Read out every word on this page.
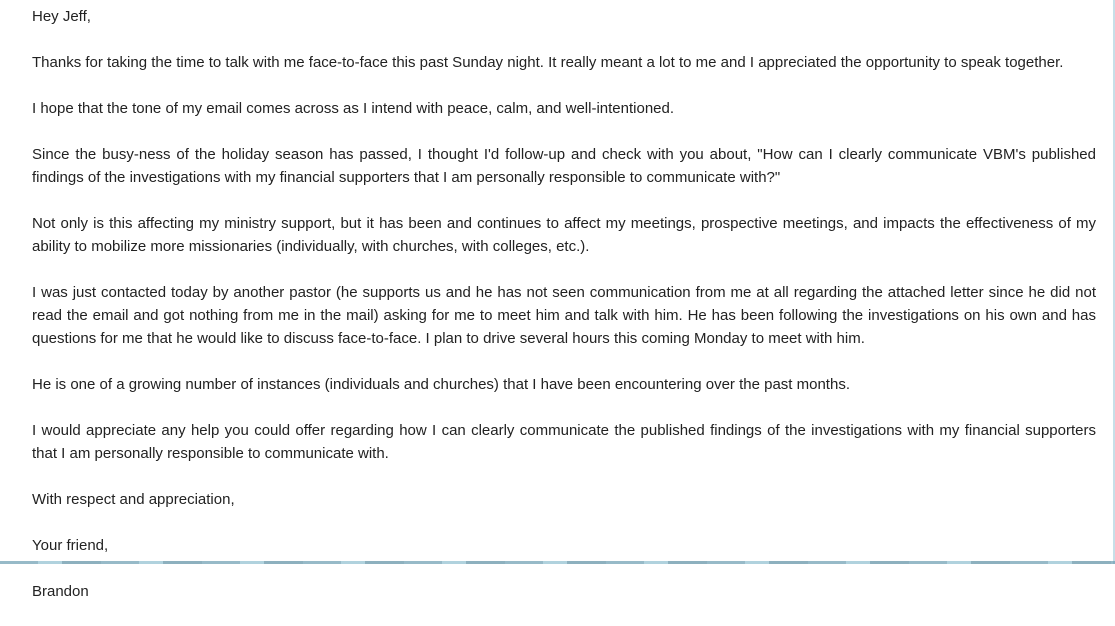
Hey Jeff,

Thanks for taking the time to talk with me face-to-face this past Sunday night. It really meant a lot to me and I appreciated the opportunity to speak together.

I hope that the tone of my email comes across as I intend with peace, calm, and well-intentioned.

Since the busy-ness of the holiday season has passed, I thought I'd follow-up and check with you about, "How can I clearly communicate VBM's published findings of the investigations with my financial supporters that I am personally responsible to communicate with?"

Not only is this affecting my ministry support, but it has been and continues to affect my meetings, prospective meetings, and impacts the effectiveness of my ability to mobilize more missionaries (individually, with churches, with colleges, etc.).

I was just contacted today by another pastor (he supports us and he has not seen communication from me at all regarding the attached letter since he did not read the email and got nothing from me in the mail) asking for me to meet him and talk with him. He has been following the investigations on his own and has questions for me that he would like to discuss face-to-face. I plan to drive several hours this coming Monday to meet with him.

He is one of a growing number of instances (individuals and churches) that I have been encountering over the past months.

I would appreciate any help you could offer regarding how I can clearly communicate the published findings of the investigations with my financial supporters that I am personally responsible to communicate with.

With respect and appreciation,

Your friend,

Brandon
